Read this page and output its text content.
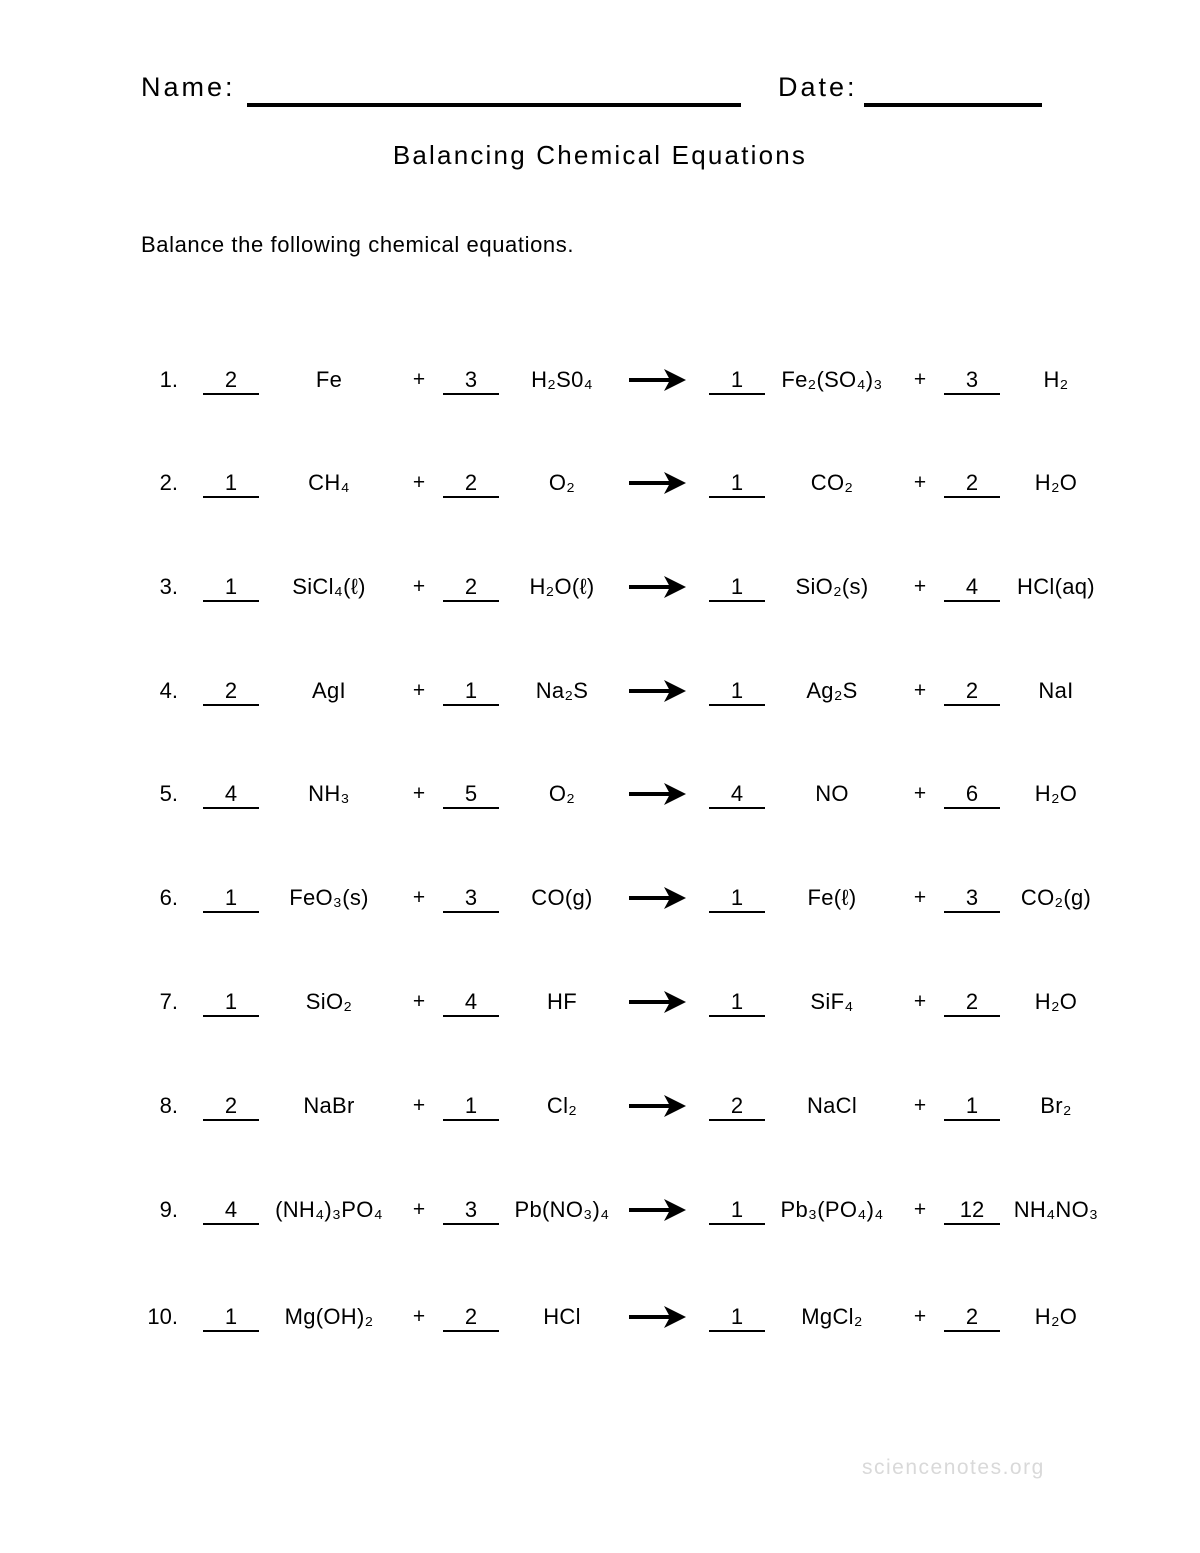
Name:	Date:
Balancing Chemical Equations
Balance the following chemical equations.
1.	2	Fe	+	3	H₂S0₄	1	Fe₂(SO₄)₃	+	3	H₂
2.	1	CH₄	+	2	O₂	1	CO₂	+	2	H₂O
3.	1	SiCl₄(ℓ)	+	2	H₂O(ℓ)	1	SiO₂(s)	+	4	HCl(aq)
4.	2	AgI	+	1	Na₂S	1	Ag₂S	+	2	NaI
5.	4	NH₃	+	5	O₂	4	NO	+	6	H₂O
6.	1	FeO₃(s)	+	3	CO(g)	1	Fe(ℓ)	+	3	CO₂(g)
7.	1	SiO₂	+	4	HF	1	SiF₄	+	2	H₂O
8.	2	NaBr	+	1	Cl₂	2	NaCl	+	1	Br₂
9.	4	(NH₄)₃PO₄	+	3	Pb(NO₃)₄	1	Pb₃(PO₄)₄	+	12	NH₄NO₃
10.	1	Mg(OH)₂	+	2	HCl	1	MgCl₂	+	2	H₂O
sciencenotes.org
